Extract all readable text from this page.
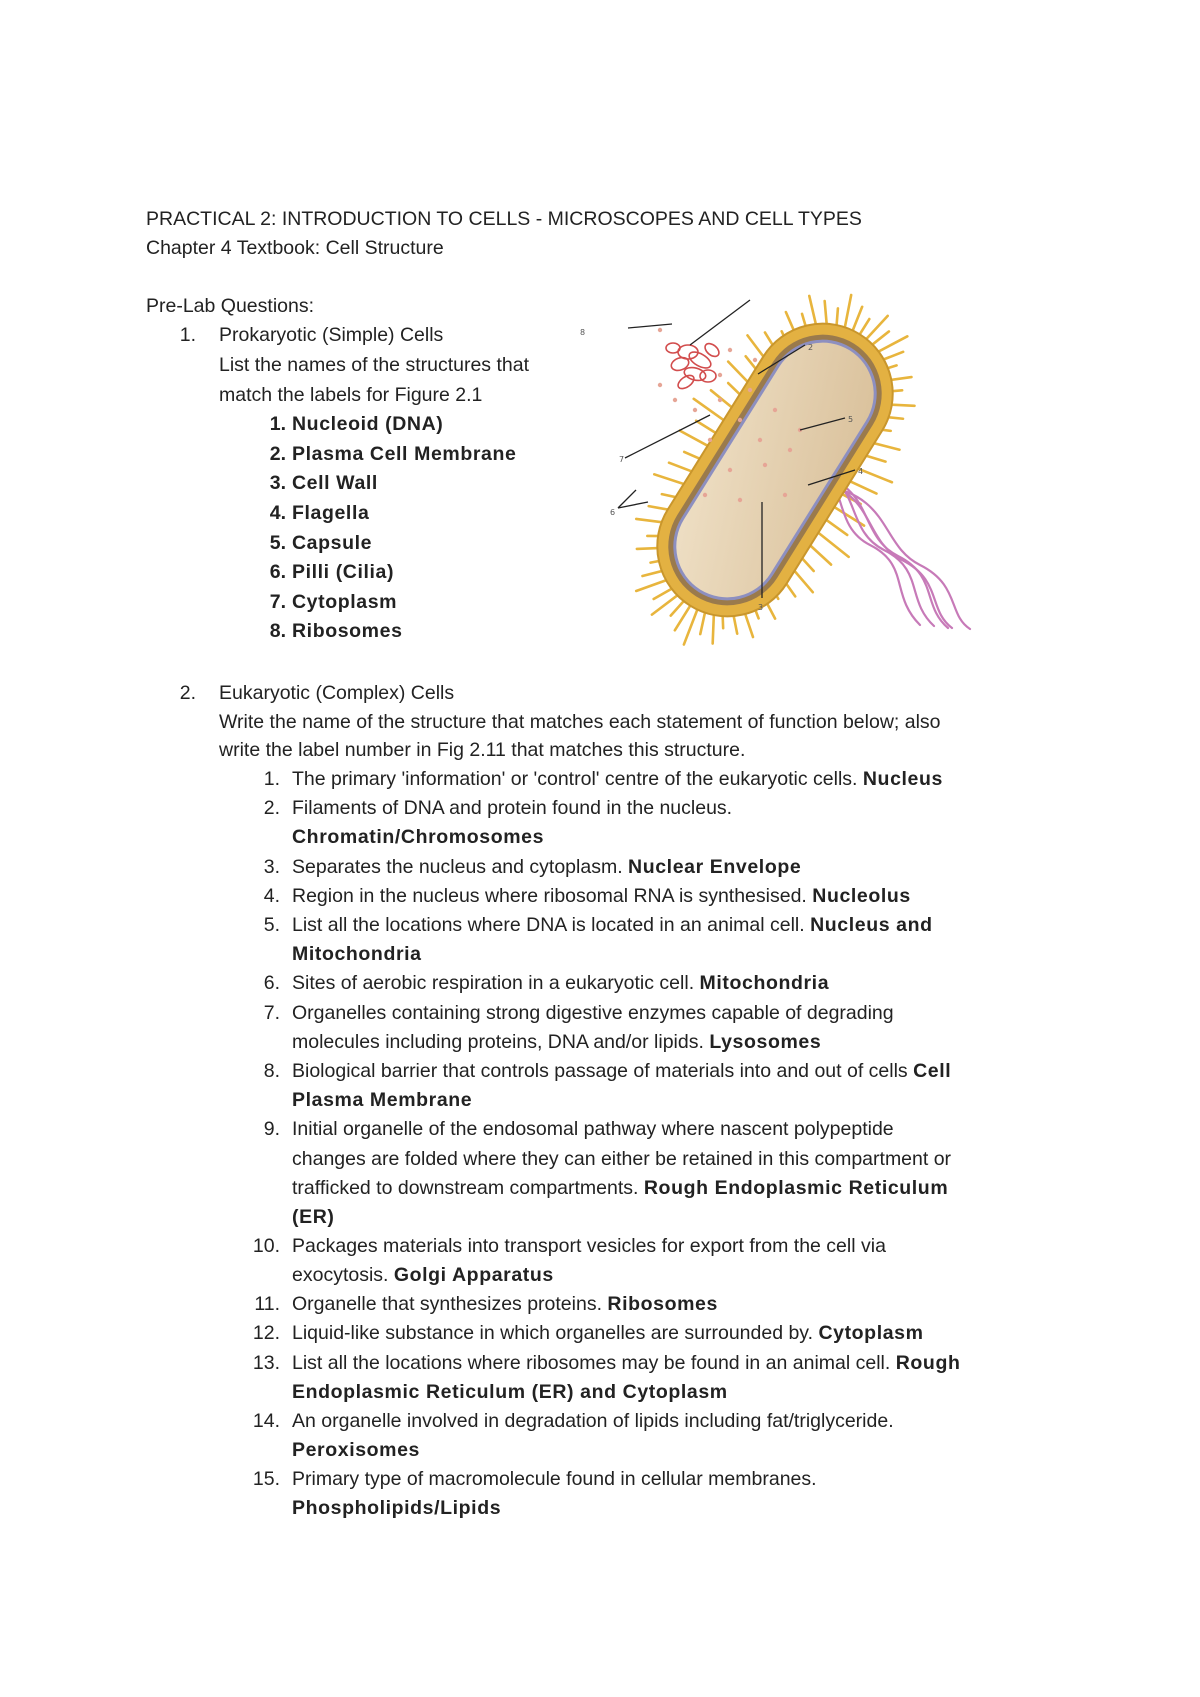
PRACTICAL 2: INTRODUCTION TO CELLS - MICROSCOPES AND CELL TYPES
Chapter 4 Textbook: Cell Structure
Pre-Lab Questions:
1. Prokaryotic (Simple) Cells
List the names of the structures that
match the labels for Figure 2.1
1. Nucleoid (DNA)
2. Plasma Cell Membrane
3. Cell Wall
4. Flagella
5. Capsule
6. Pilli (Cilia)
7. Cytoplasm
8. Ribosomes
8
2
5
4
7
6
3
2. Eukaryotic (Complex) Cells
Write the name of the structure that matches each statement of function below; also
write the label number in Fig 2.11 that matches this structure.
1. The primary 'information' or 'control' centre of the eukaryotic cells. Nucleus
2. Filaments of DNA and protein found in the nucleus.
Chromatin/Chromosomes
3. Separates the nucleus and cytoplasm. Nuclear Envelope
4. Region in the nucleus where ribosomal RNA is synthesised. Nucleolus
5. List all the locations where DNA is located in an animal cell. Nucleus and
Mitochondria
6. Sites of aerobic respiration in a eukaryotic cell. Mitochondria
7. Organelles containing strong digestive enzymes capable of degrading
molecules including proteins, DNA and/or lipids. Lysosomes
8. Biological barrier that controls passage of materials into and out of cells Cell
Plasma Membrane
9. Initial organelle of the endosomal pathway where nascent polypeptide
changes are folded where they can either be retained in this compartment or
trafficked to downstream compartments. Rough Endoplasmic Reticulum
(ER)
10. Packages materials into transport vesicles for export from the cell via
exocytosis. Golgi Apparatus
11. Organelle that synthesizes proteins. Ribosomes
12. Liquid-like substance in which organelles are surrounded by. Cytoplasm
13. List all the locations where ribosomes may be found in an animal cell. Rough
Endoplasmic Reticulum (ER) and Cytoplasm
14. An organelle involved in degradation of lipids including fat/triglyceride.
Peroxisomes
15. Primary type of macromolecule found in cellular membranes.
Phospholipids/Lipids
